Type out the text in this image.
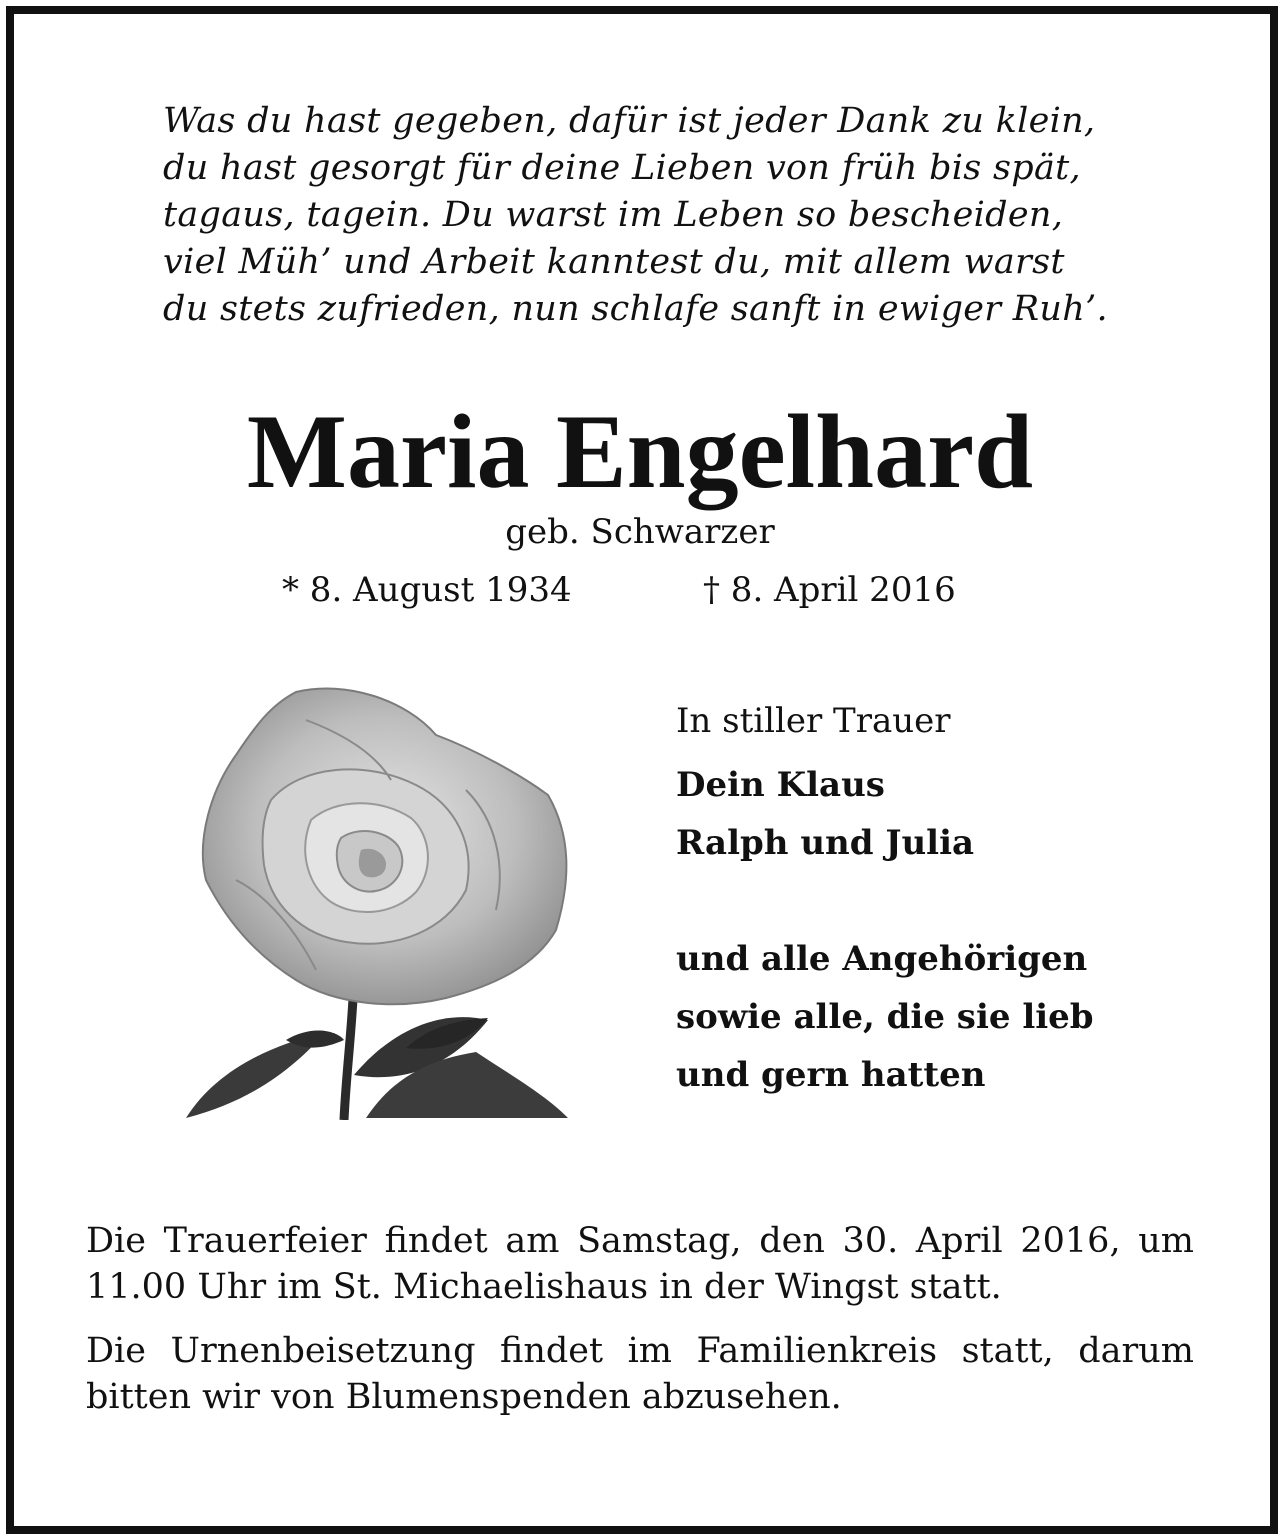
Was du hast gegeben, dafür ist jeder Dank zu klein,
du hast gesorgt für deine Lieben von früh bis spät,
tagaus, tagein. Du warst im Leben so bescheiden,
viel Müh’ und Arbeit kanntest du, mit allem warst
du stets zufrieden, nun schlafe sanft in ewiger Ruh’.
Maria Engelhard
geb. Schwarzer
* 8. August 1934	† 8. April 2016
In stiller Trauer
Dein Klaus
Ralph und Julia
und alle Angehörigen
sowie alle, die sie lieb
und gern hatten

Die Trauerfeier findet am Samstag, den 30. April 2016, um 11.00 Uhr im St. Michaelishaus in der Wingst statt.

Die Urnenbeisetzung findet im Familienkreis statt, darum bitten wir von Blumenspenden abzusehen.
